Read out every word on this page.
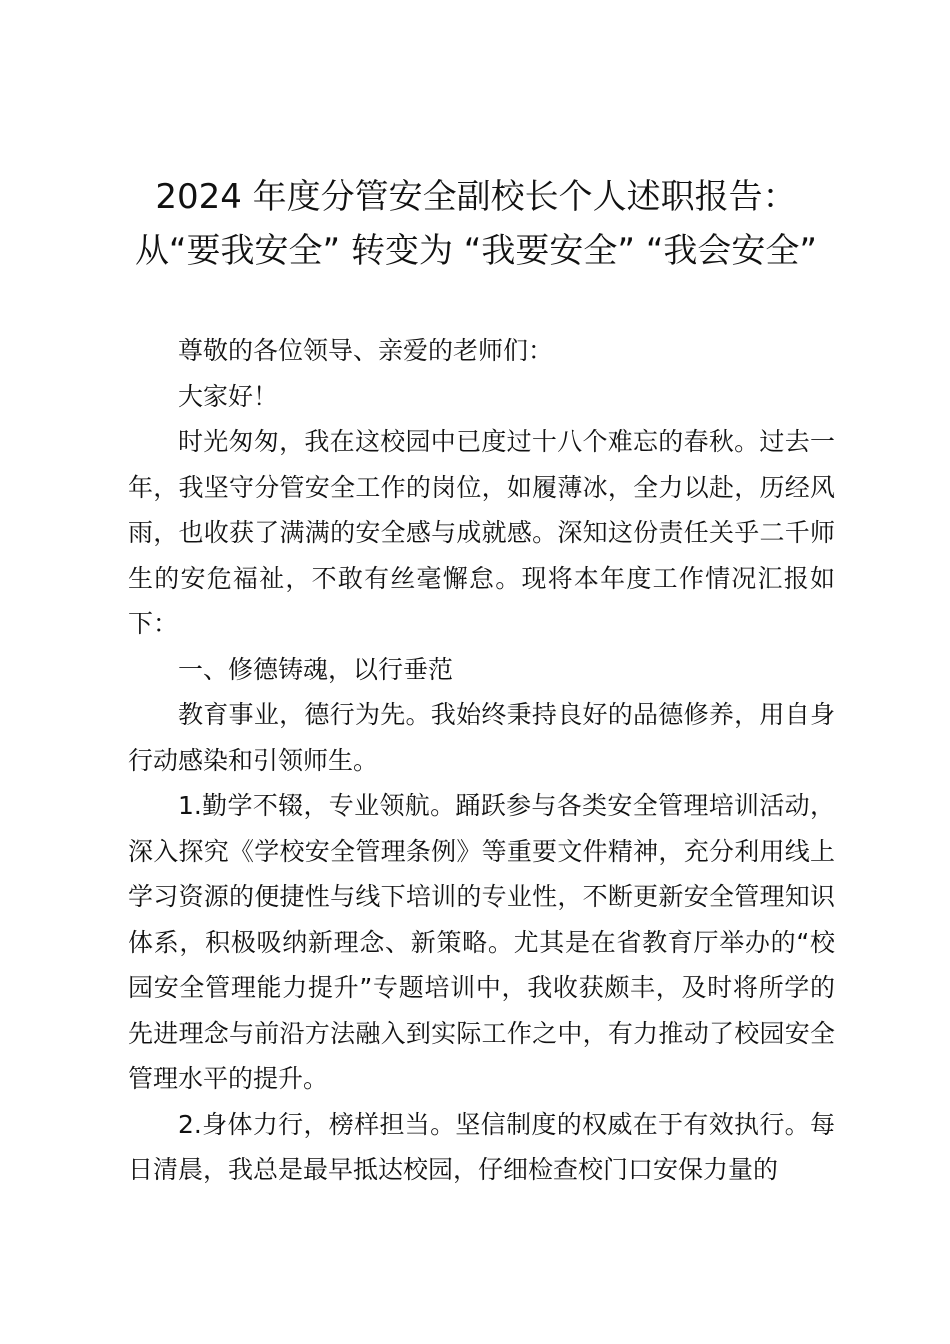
2024 年度分管安全副校长个人述职报告：从“要我安全” 转变为 “我要安全” “我会安全”

尊敬的各位领导、亲爱的老师们：

大家好！

时光匆匆，我在这校园中已度过十八个难忘的春秋。过去一年，我坚守分管安全工作的岗位，如履薄冰，全力以赴，历经风雨，也收获了满满的安全感与成就感。深知这份责任关乎二千师生的安危福祉，不敢有丝毫懈怠。现将本年度工作情况汇报如下：

一、修德铸魂，以行垂范

教育事业，德行为先。我始终秉持良好的品德修养，用自身行动感染和引领师生。

1.勤学不辍，专业领航。踊跃参与各类安全管理培训活动，深入探究《学校安全管理条例》等重要文件精神，充分利用线上学习资源的便捷性与线下培训的专业性，不断更新安全管理知识体系，积极吸纳新理念、新策略。尤其是在省教育厅举办的“校园安全管理能力提升”专题培训中，我收获颇丰，及时将所学的先进理念与前沿方法融入到实际工作之中，有力推动了校园安全管理水平的提升。

2.身体力行，榜样担当。坚信制度的权威在于有效执行。每日清晨，我总是最早抵达校园，仔细检查校门口安保力量的
